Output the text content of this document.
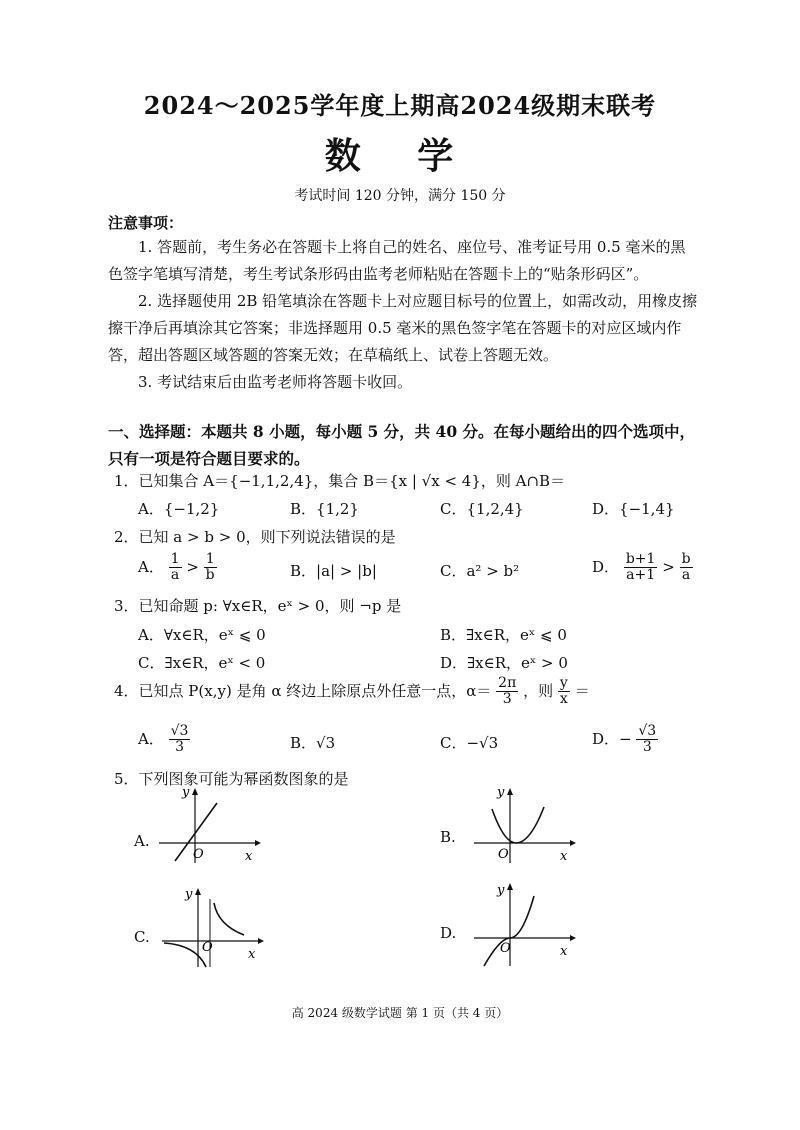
2024～2025学年度上期高2024级期末联考
数 学
考试时间 120 分钟，满分 150 分
注意事项：
1. 答题前，考生务必在答题卡上将自己的姓名、座位号、准考证号用 0.5 毫米的黑色签字笔填写清楚，考生考试条形码由监考老师粘贴在答题卡上的“贴条形码区”。
2. 选择题使用 2B 铅笔填涂在答题卡上对应题目标号的位置上，如需改动，用橡皮擦擦干净后再填涂其它答案；非选择题用 0.5 毫米的黑色签字笔在答题卡的对应区域内作答，超出答题区域答题的答案无效；在草稿纸上、试卷上答题无效。
3. 考试结束后由监考老师将答题卡收回。
一、选择题：本题共 8 小题，每小题 5 分，共 40 分。在每小题给出的四个选项中，只有一项是符合题目要求的。
1．已知集合 A＝{−1,1,2,4}，集合 B＝{x | √x < 4}，则 A∩B＝
A．{−1,2}	B．{1,2}	C．{1,2,4}	D．{−1,4}
2．已知 a > b > 0，则下列说法错误的是
A． $\frac{1}{a} > \frac{1}{b}$	B．|a| > |b|	C．a² > b²	D． $\frac{b+1}{a+1} > \frac{b}{a}$
3．已知命题 p: ∀x∈R，eˣ > 0，则 ¬p 是
A．∀x∈R，eˣ ⩽ 0	B．∃x∈R，eˣ ⩽ 0
C．∃x∈R，eˣ < 0	D．∃x∈R，eˣ > 0
4．已知点 P(x,y) 是角 α 终边上除原点外任意一点，$\alpha= \frac{2\pi}{3}$ ，则 $\frac{y}{x}$ ＝
A． $\frac{√3}{3}$	B．√3	C．−√3	D．− $\frac{√3}{3}$
5．下列图象可能为幂函数图象的是
A.
y
x
O
B.
y
x
O
C.
y
x
O
D.
y
x
O
高 2024 级数学试题 第 1 页（共 4 页）
